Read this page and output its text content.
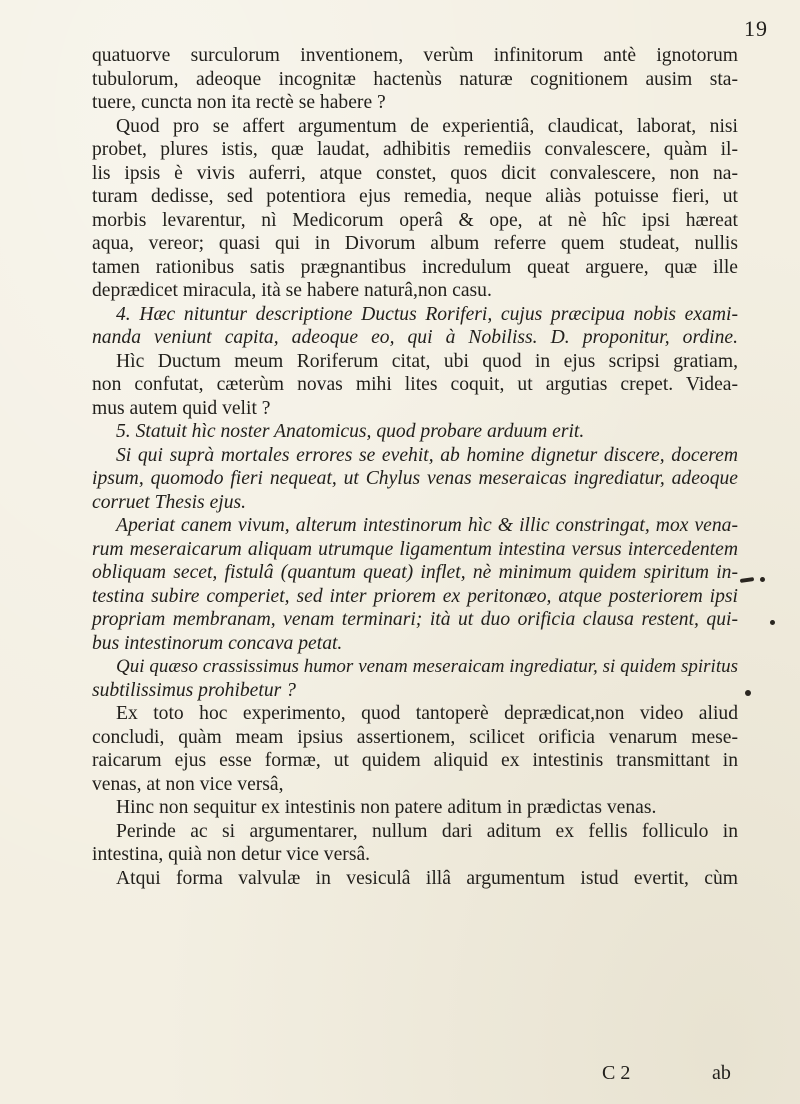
19
quatuorve surculorum inventionem, verùm infinitorum antè ignotorum
tubulorum, adeoque incognitæ hactenùs naturæ cognitionem ausim sta-
tuere, cuncta non ita rectè se habere ?
Quod pro se affert argumentum de experientiâ, claudicat, laborat, nisi
probet, plures istis, quæ laudat, adhibitis remediis convalescere, quàm il-
lis ipsis è vivis auferri, atque constet, quos dicit convalescere, non na-
turam dedisse, sed potentiora ejus remedia, neque aliàs potuisse fieri, ut
morbis levarentur, nì Medicorum operâ & ope, at nè hîc ipsi hæreat
aqua, vereor; quasi qui in Divorum album referre quem studeat, nullis
tamen rationibus satis prægnantibus incredulum queat arguere, quæ ille
deprædicet miracula, ità se habere naturâ,non casu.
4. Hæc nituntur descriptione Ductus Roriferi, cujus præcipua nobis exami-
nanda veniunt capita, adeoque eo, qui à Nobiliss. D. proponitur, ordine.
Hìc Ductum meum Roriferum citat, ubi quod in ejus scripsi gratiam,
non confutat, cæterùm novas mihi lites coquit, ut argutias crepet. Videa-
mus autem quid velit ?
5. Statuit hìc noster Anatomicus, quod probare arduum erit.
Si qui suprà mortales errores se evehit, ab homine dignetur discere, docerem
ipsum, quomodo fieri nequeat, ut Chylus venas meseraicas ingrediatur, adeoque
corruet Thesis ejus.
Aperiat canem vivum, alterum intestinorum hìc & illic constringat, mox vena-
rum meseraicarum aliquam utrumque ligamentum intestina versus intercedentem
obliquam secet, fistulâ (quantum queat) inflet, nè minimum quidem spiritum in-
testina subire comperiet, sed inter priorem ex peritonæo, atque posteriorem ipsi
propriam membranam, venam terminari; ità ut duo orificia clausa restent, qui-
bus intestinorum concava petat.
Qui quæso crassissimus humor venam meseraicam ingrediatur, si quidem spiritus
subtilissimus prohibetur ?
Ex toto hoc experimento, quod tantoperè deprædicat,non video aliud
concludi, quàm meam ipsius assertionem, scilicet orificia venarum mese-
raicarum ejus esse formæ, ut quidem aliquid ex intestinis transmittant in
venas, at non vice versâ,
Hinc non sequitur ex intestinis non patere aditum in prædictas venas.
Perinde ac si argumentarer, nullum dari aditum ex fellis folliculo in
intestina, quià non detur vice versâ.
Atqui forma valvulæ in vesiculâ illâ argumentum istud evertit, cùm
C 2	ab
